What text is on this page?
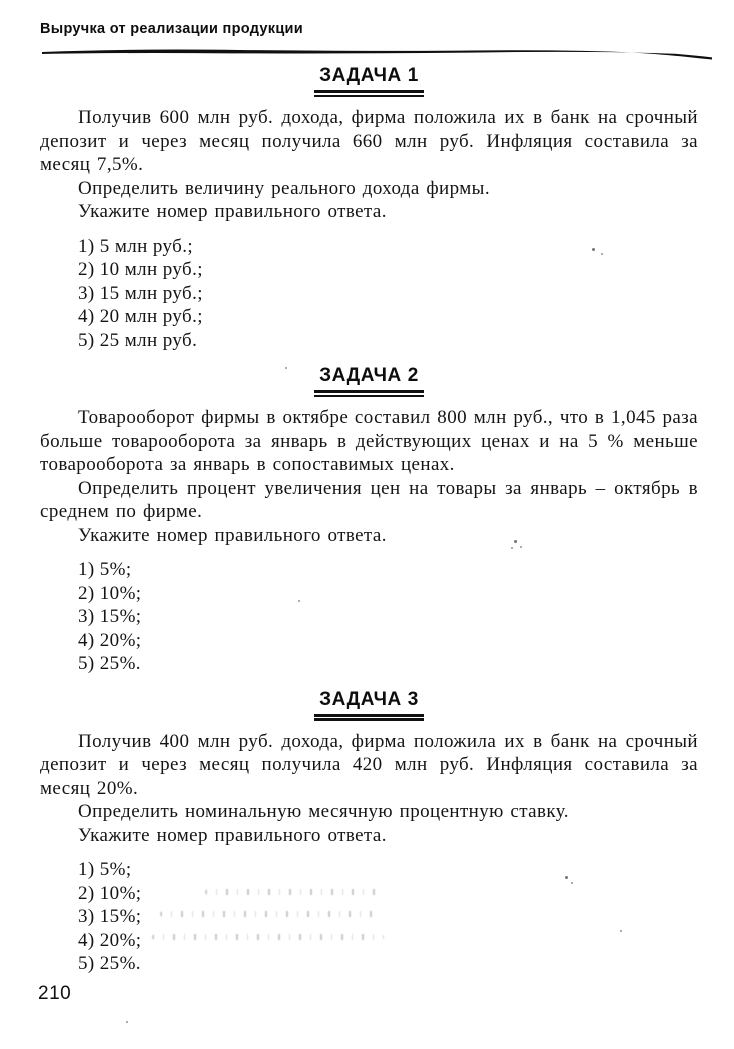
Выручка от реализации продукции
ЗАДАЧА 1

Получив 600 млн руб. дохода, фирма положила их в банк на срочный депозит и через месяц получила 660 млн руб. Инфляция составила за месяц 7,5%.

Определить величину реального дохода фирмы.

Укажите номер правильного ответа.

1) 5 млн руб.;
2) 10 млн руб.;
3) 15 млн руб.;
4) 20 млн руб.;
5) 25 млн руб.
ЗАДАЧА 2

Товарооборот фирмы в октябре составил 800 млн руб., что в 1,045 раза больше товарооборота за январь в действующих ценах и на 5 % меньше товарооборота за январь в сопоставимых ценах.

Определить процент увеличения цен на товары за январь – октябрь в среднем по фирме.

Укажите номер правильного ответа.

1) 5%;
2) 10%;
3) 15%;
4) 20%;
5) 25%.
ЗАДАЧА 3

Получив 400 млн руб. дохода, фирма положила их в банк на срочный депозит и через месяц получила 420 млн руб. Инфляция составила за месяц 20%.

Определить номинальную месячную процентную ставку.

Укажите номер правильного ответа.

1) 5%;
2) 10%;
3) 15%;
4) 20%;
5) 25%.
210
